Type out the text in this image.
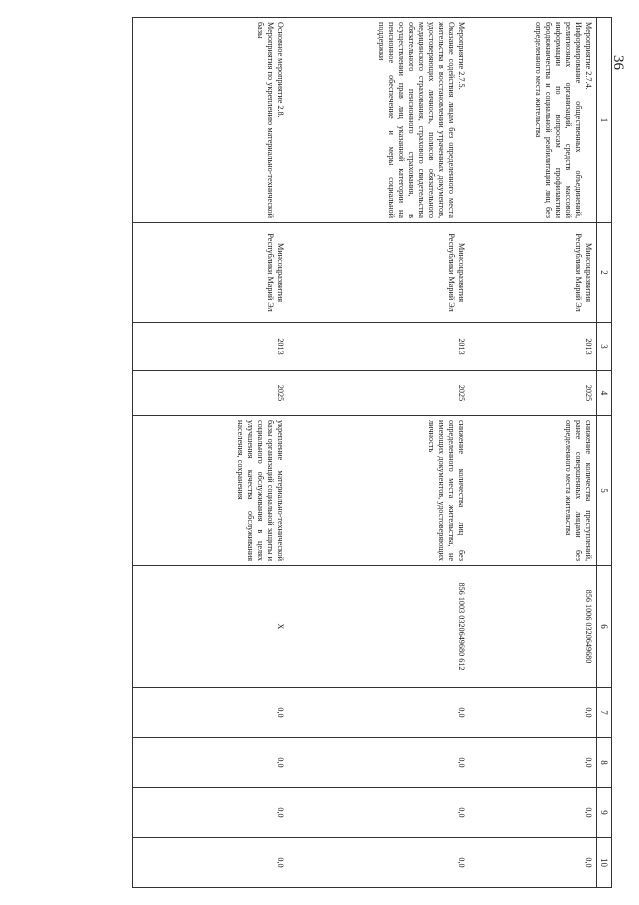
36
1	2	3	4	5	6	7	8	9	10
Мероприятие 2.7.4.
Информирование общественных объединений, религиозных организаций, средств массовой информации по вопросам профилактики бродяжничества и социальной реабилитации лиц без определенного места жительства	Минсоцразвития Республики Марий Эл	2013	2025	снижение количества преступлений, ранее совершенных лицами без определенного места жительства	856 1006 0320649680	0,0	0,0	0,0	0,0
Мероприятие 2.7.5.
Оказание содействия лицам без определенного места жительства в восстановлении утраченных документов, удостоверяющих личность, полисов обязательного медицинского страхования, страхового свидетельства обязательного пенсионного страхования, в осуществлении прав лиц указанной категории на пенсионное обеспечение и меры социальной поддержки	Минсоцразвития Республики Марий Эл	2013	2025	снижение количества лиц без определенного места жительства, не имеющих документов, удостоверяющих личность	856 1003 0320649680 612	0,0	0,0	0,0	0,0
Основное мероприятие 2.8.
Мероприятия по укреплению материально-технической базы	Минсоцразвития Республики Марий Эл	2013	2025	укрепление материально-технической базы организаций социальной защиты и социального обслуживания в целях улучшения качества обслуживания населения, сохранения	X	0,0	0,0	0,0	0,0
